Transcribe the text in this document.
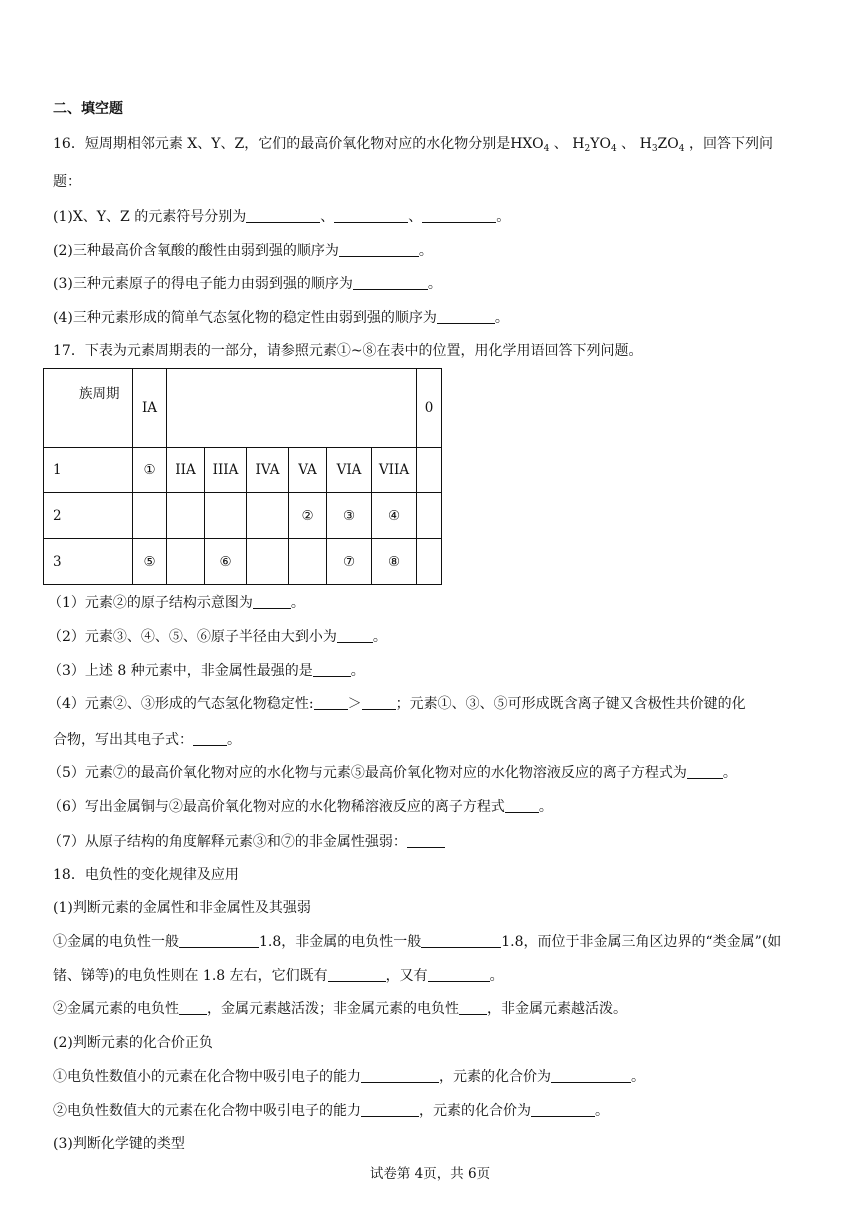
二、填空题
16．短周期相邻元素 X、Y、Z，它们的最高价氧化物对应的水化物分别是$HXO_4$ 、 $H_2YO_4$ 、 $H_3ZO_4$ ，回答下列问
题：
(1)X、Y、Z 的元素符号分别为	、	、	。
(2)三种最高价含氧酸的酸性由弱到强的顺序为	。
(3)三种元素原子的得电子能力由弱到强的顺序为	。
(4)三种元素形成的简单气态氢化物的稳定性由弱到强的顺序为	。
17．下表为元素周期表的一部分，请参照元素①~⑧在表中的位置，用化学用语回答下列问题。
族周期	IA							0
1	①	IIA	IIIA	IVA	VA	VIA	VIIA	
2					②	③	④	
3	⑤		⑥			⑦	⑧	
（1）元素②的原子结构示意图为	。
（2）元素③、④、⑤、⑥原子半径由大到小为	。
（3）上述 8 种元素中，非金属性最强的是	。
（4）元素②、③形成的气态氢化物稳定性: ＞ ；元素①、③、⑤可形成既含离子键又含极性共价键的化
合物，写出其电子式： 。
（5）元素⑦的最高价氧化物对应的水化物与元素⑤最高价氧化物对应的水化物溶液反应的离子方程式为	。
（6）写出金属铜与②最高价氧化物对应的水化物稀溶液反应的离子方程式 。
（7）从原子结构的角度解释元素③和⑦的非金属性强弱：
18．电负性的变化规律及应用
(1)判断元素的金属性和非金属性及其强弱
①金属的电负性一般	1.8，非金属的电负性一般	1.8，而位于非金属三角区边界的“类金属”(如
锗、锑等)的电负性则在 1.8 左右，它们既有	，又有	。
②金属元素的电负性 ，金属元素越活泼；非金属元素的电负性 ，非金属元素越活泼。
(2)判断元素的化合价正负
①电负性数值小的元素在化合物中吸引电子的能力	，元素的化合价为	。
②电负性数值大的元素在化合物中吸引电子的能力	，元素的化合价为	。
(3)判断化学键的类型
试卷第 4页，共 6页
